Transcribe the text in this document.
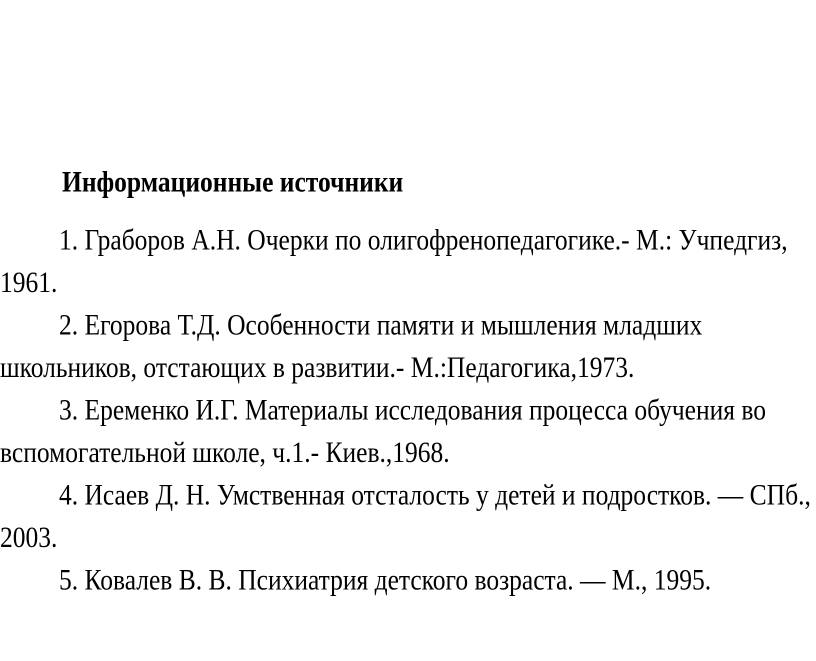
Информационные источники
1. Граборов А.Н. Очерки по олигофренопедагогике.- М.: Учпедгиз,
1961.
2. Егорова Т.Д. Особенности памяти и мышления младших
школьников, отстающих в развитии.- М.:Педагогика,1973.
3. Еременко И.Г. Материалы исследования процесса обучения во
вспомогательной школе, ч.1.- Киев.,1968.
4. Исаев Д. Н. Умственная отсталость у детей и подростков. — СПб.,
2003.
5. Ковалев В. В. Психиатрия детского возраста. — М., 1995.
